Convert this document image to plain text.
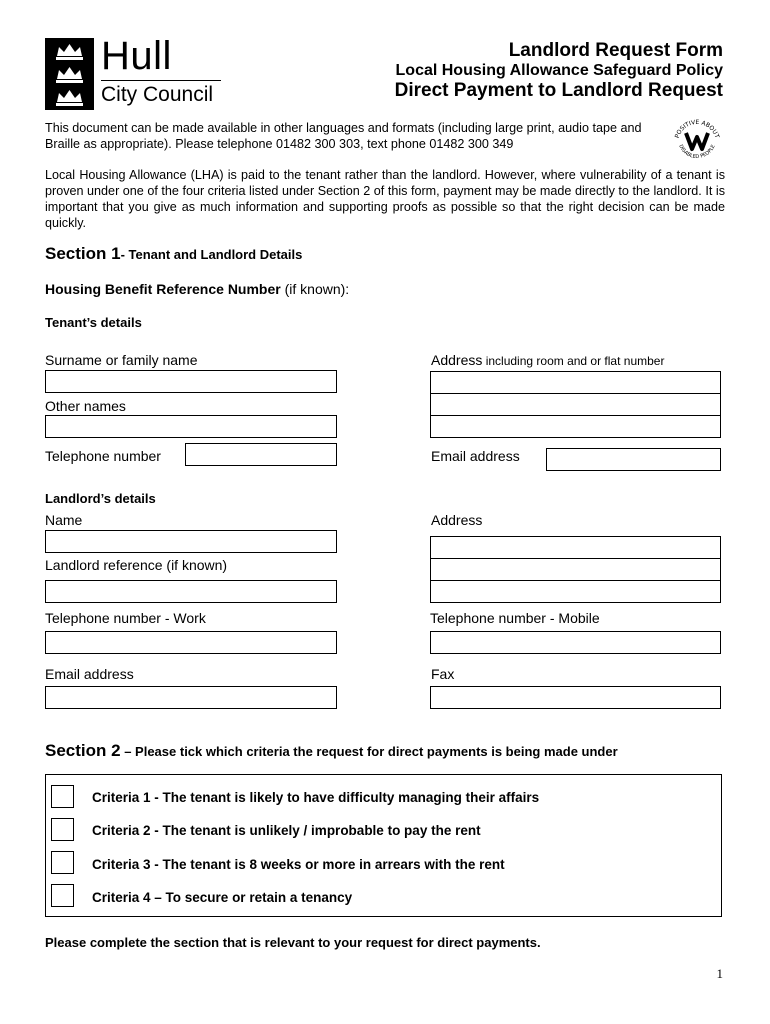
Hull
City Council
Landlord Request Form
Local Housing Allowance Safeguard Policy
Direct Payment to Landlord Request
This document can be made available in other languages and formats (including large print, audio tape and Braille as appropriate). Please telephone 01482 300 303, text phone 01482 300 349
POSITIVE ABOUT
DISABLED PEOPLE
Local Housing Allowance (LHA) is paid to the tenant rather than the landlord. However, where vulnerability of a tenant is proven under one of the four criteria listed under Section 2 of this form, payment may be made directly to the landlord. It is important that you give as much information and supporting proofs as possible so that the right decision can be made quickly.
Section 1- Tenant and Landlord Details
Housing Benefit Reference Number (if known):
Tenant’s details
Surname or family name	Address including room and or flat number
Other names
Telephone number	Email address
Landlord’s details
Name	Address
Landlord reference (if known)
Telephone number - Work	Telephone number - Mobile
Email address	Fax
Section 2 – Please tick which criteria the request for direct payments is being made under
Criteria 1 - The tenant is likely to have difficulty managing their affairs
Criteria 2 - The tenant is unlikely / improbable to pay the rent
Criteria 3 - The tenant is 8 weeks or more in arrears with the rent
Criteria 4 – To secure or retain a tenancy
Please complete the section that is relevant to your request for direct payments.
1
